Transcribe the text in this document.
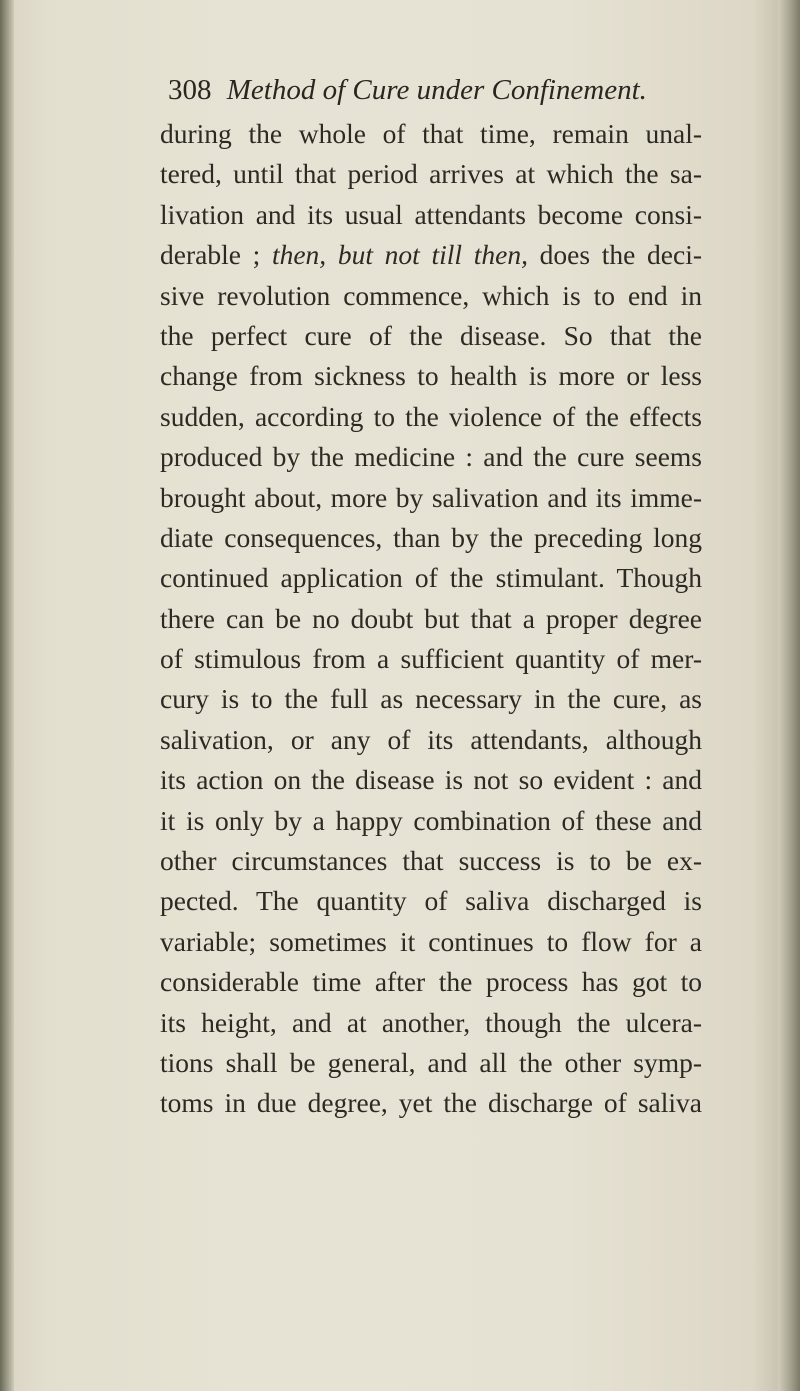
308 Method of Cure under Confinement.
during the whole of that time, remain unal-
tered, until that period arrives at which the sa-
livation and its usual attendants become consi-
derable ; then, but not till then, does the deci-
sive revolution commence, which is to end in
the perfect cure of the disease. So that the
change from sickness to health is more or less
sudden, according to the violence of the effects
produced by the medicine : and the cure seems
brought about, more by salivation and its imme-
diate consequences, than by the preceding long
continued application of the stimulant. Though
there can be no doubt but that a proper degree
of stimulous from a sufficient quantity of mer-
cury is to the full as necessary in the cure, as
salivation, or any of its attendants, although
its action on the disease is not so evident : and
it is only by a happy combination of these and
other circumstances that success is to be ex-
pected. The quantity of saliva discharged is
variable; sometimes it continues to flow for a
considerable time after the process has got to
its height, and at another, though the ulcera-
tions shall be general, and all the other symp-
toms in due degree, yet the discharge of saliva
